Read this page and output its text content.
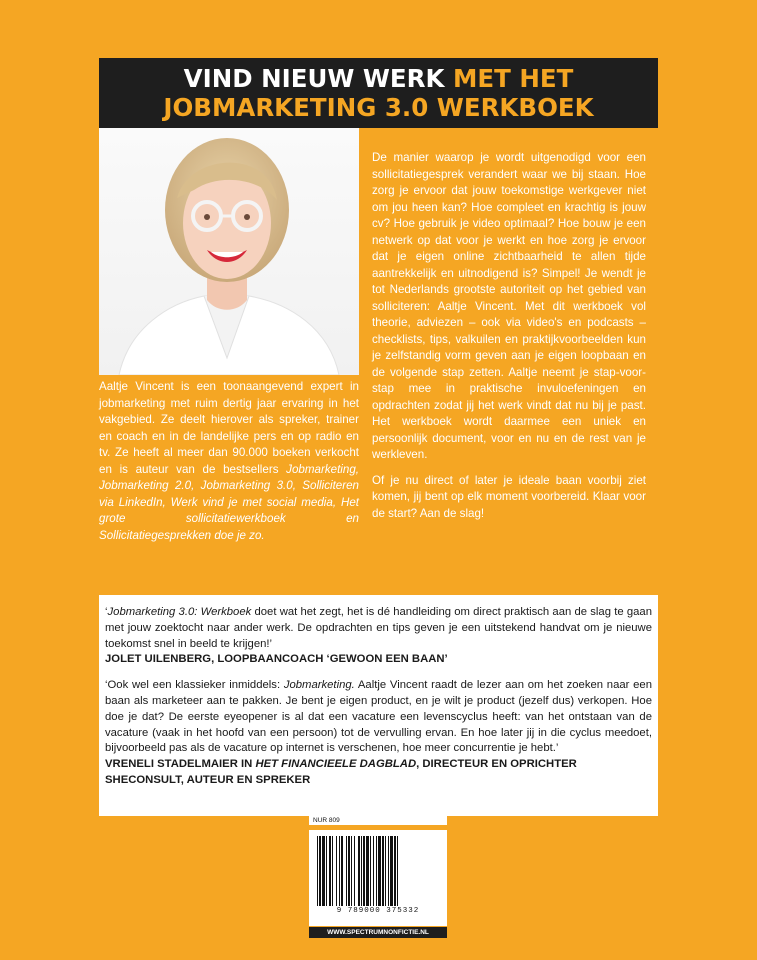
VIND NIEUW WERK MET HET
JOBMARKETING 3.0 WERKBOEK

De manier waarop je wordt uitgenodigd voor een sollicitatiegesprek verandert waar we bij staan. Hoe zorg je ervoor dat jouw toekomstige werkgever niet om jou heen kan? Hoe compleet en krachtig is jouw cv? Hoe gebruik je video optimaal? Hoe bouw je een netwerk op dat voor je werkt en hoe zorg je ervoor dat je eigen online zichtbaarheid te allen tijde aantrekkelijk en uitnodigend is? Simpel! Je wendt je tot Nederlands grootste autoriteit op het gebied van solliciteren: Aaltje Vincent. Met dit werkboek vol theorie, adviezen – ook via video's en podcasts – checklists, tips, valkuilen en praktijkvoorbeelden kun je zelfstandig vorm geven aan je eigen loopbaan en de volgende stap zetten. Aaltje neemt je stap-voor-stap mee in praktische invuloefeningen en opdrachten zodat jij het werk vindt dat nu bij je past. Het werkboek wordt daarmee een uniek en persoonlijk document, voor en nu en de rest van je werkleven.

Of je nu direct of later je ideale baan voorbij ziet komen, jij bent op elk moment voorbereid. Klaar voor de start? Aan de slag!

Aaltje Vincent is een toonaangevend expert in jobmarketing met ruim dertig jaar ervaring in het vakgebied. Ze deelt hierover als spreker, trainer en coach en in de landelijke pers en op radio en tv. Ze heeft al meer dan 90.000 boeken verkocht en is auteur van de bestsellers Jobmarketing, Jobmarketing 2.0, Jobmarketing 3.0, Solliciteren via LinkedIn, Werk vind je met social media, Het grote sollicitatiewerkboek en Sollicitatiegesprekken doe je zo.

‘Jobmarketing 3.0: Werkboek doet wat het zegt, het is dé handleiding om direct praktisch aan de slag te gaan met jouw zoektocht naar ander werk. De opdrachten en tips geven je een uitstekend handvat om je nieuwe toekomst snel in beeld te krijgen!’

JOLET UILENBERG, LOOPBAANCOACH ‘GEWOON EEN BAAN’

‘Ook wel een klassieker inmiddels: Jobmarketing. Aaltje Vincent raadt de lezer aan om het zoeken naar een baan als marketeer aan te pakken. Je bent je eigen product, en je wilt je product (jezelf dus) verkopen. Hoe doe je dat? De eerste eyeopener is al dat een vacature een levenscyclus heeft: van het ontstaan van de vacature (vaak in het hoofd van een persoon) tot de vervulling ervan. En hoe later jij in die cyclus meedoet, bijvoorbeeld pas als de vacature op internet is verschenen, hoe meer concurrentie je hebt.’

VRENELI STADELMAIER IN HET FINANCIEELE DAGBLAD, DIRECTEUR EN OPRICHTER SHECONSULT, AUTEUR EN SPREKER

NUR 809
9 789000 375332
WWW.SPECTRUMNONFICTIE.NL
